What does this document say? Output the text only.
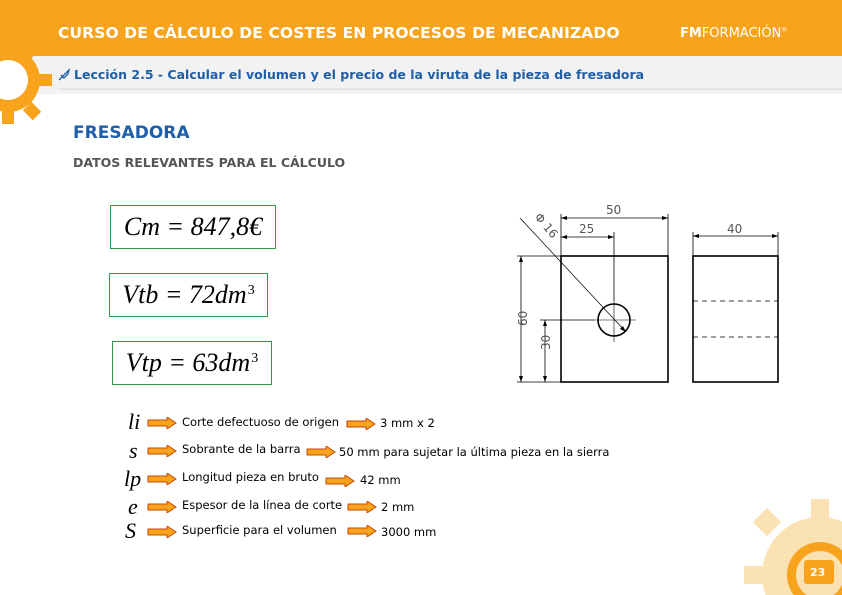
CURSO DE CÁLCULO DE COSTES EN PROCESOS DE MECANIZADO	FMFORMACIÓN®
Lección 2.5 - Calcular el volumen y el precio de la viruta de la pieza de fresadora
FRESADORA
DATOS RELEVANTES PARA EL CÁLCULO
Cm = 847,8€
Vtb = $72dm^3$
Vtp = $63dm^3$
50
25	40
Φ 16
60
30
li	Corte defectuoso de origen	3 mm x 2
s	Sobrante de la barra	50 mm para sujetar la última pieza en la sierra
lp	Longitud pieza en bruto	42 mm
e	Espesor de la línea de corte	2 mm
S	Superficie para el volumen	3000 mm
23
